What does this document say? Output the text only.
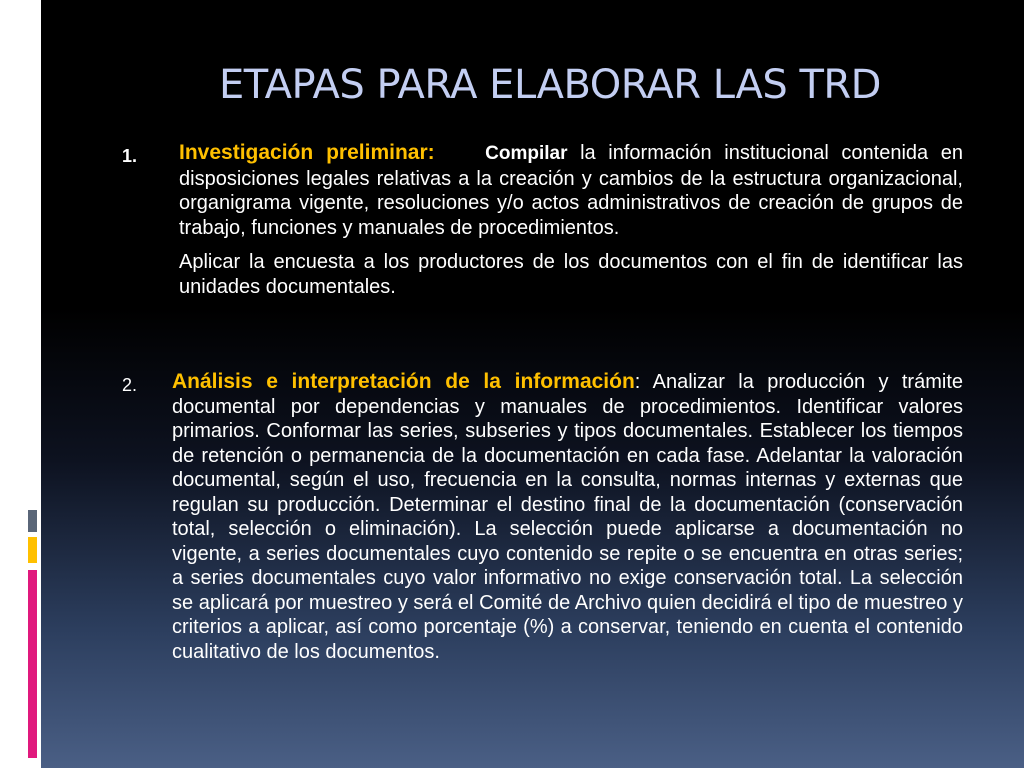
ETAPAS PARA ELABORAR LAS TRD
1. Investigación preliminar:	Compilar la información institucional contenida en disposiciones legales relativas a la creación y cambios de la estructura organizacional, organigrama vigente, resoluciones y/o actos administrativos de creación de grupos de trabajo, funciones y manuales de procedimientos.

Aplicar la encuesta a los productores de los documentos con el fin de identificar las unidades documentales.

2. Análisis e interpretación de la información: Analizar la producción y trámite documental por dependencias y manuales de procedimientos. Identificar valores primarios. Conformar las series, subseries y tipos documentales. Establecer los tiempos de retención o permanencia de la documentación en cada fase. Adelantar la valoración documental, según el uso, frecuencia en la consulta, normas internas y externas que regulan su producción. Determinar el destino final de la documentación (conservación total, selección o eliminación). La selección puede aplicarse a documentación no vigente, a series documentales cuyo contenido se repite o se encuentra en otras series; a series documentales cuyo valor informativo no exige conservación total. La selección se aplicará por muestreo y será el Comité de Archivo quien decidirá el tipo de muestreo y criterios a aplicar, así como porcentaje (%) a conservar, teniendo en cuenta el contenido cualitativo de los documentos.
